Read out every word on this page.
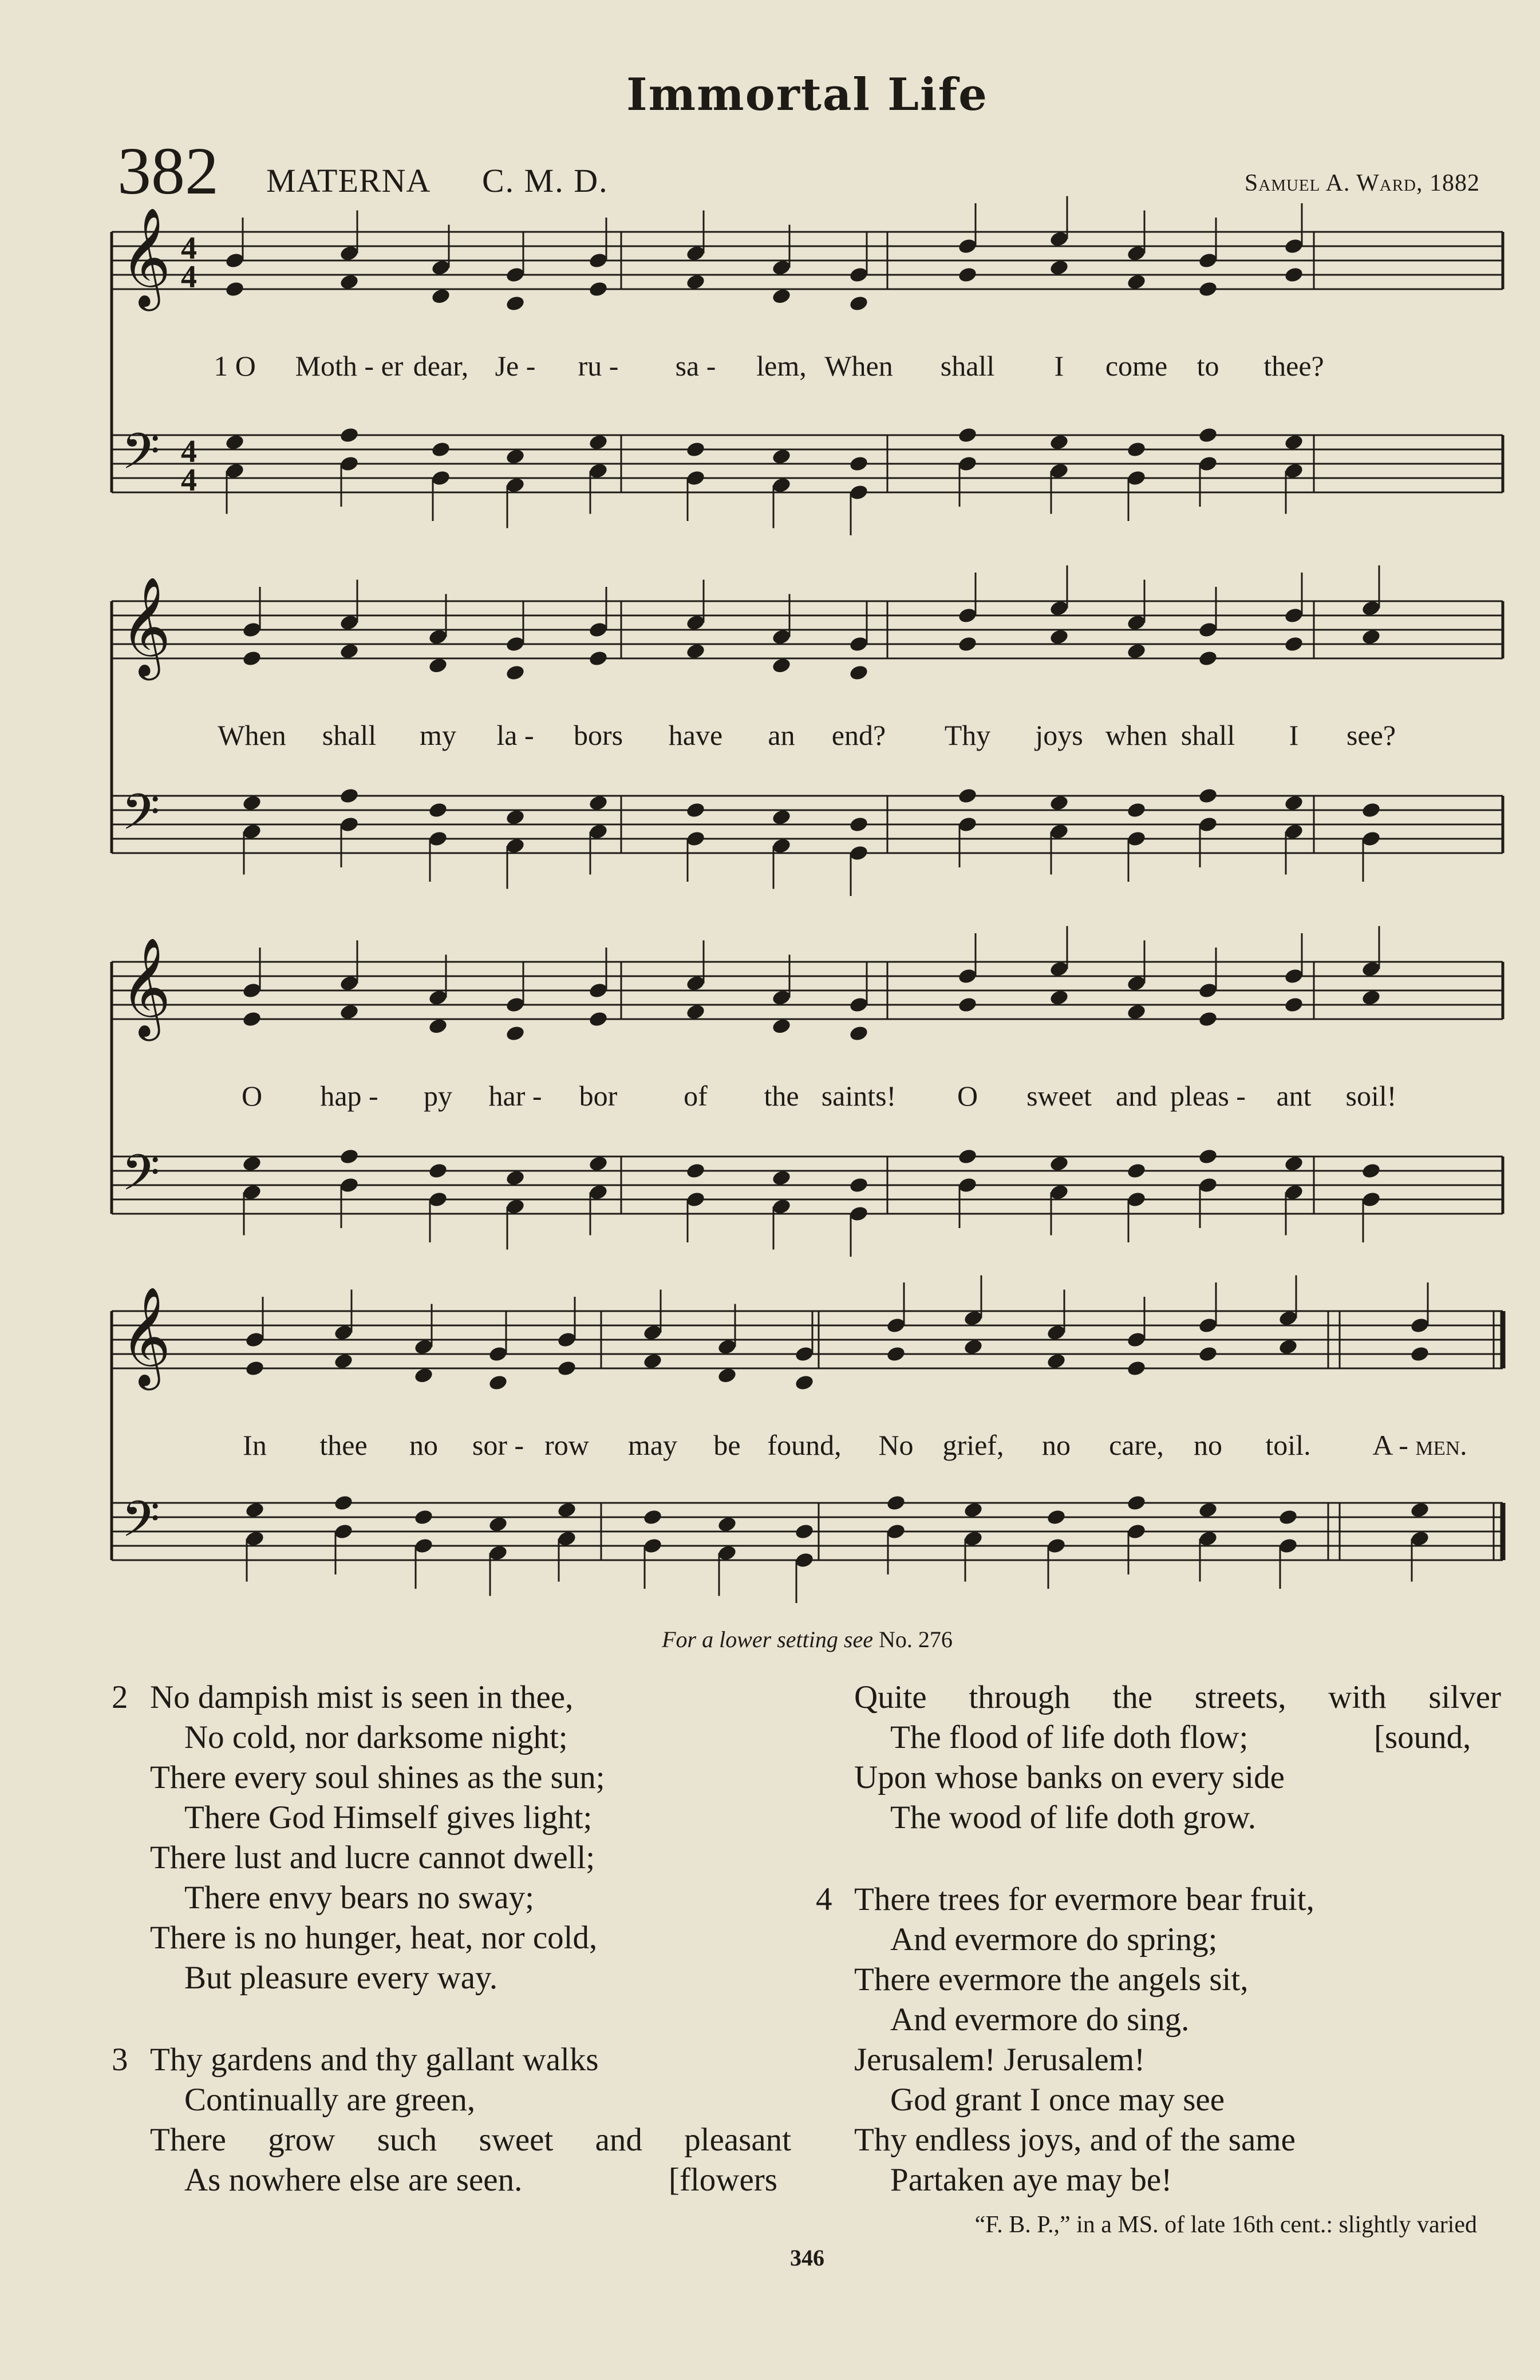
Immortal Life
382 MATERNA C. M. D.	Samuel A. Ward, 1882
𝄞
𝄢
4
4
4
4
𝄞
𝄢
𝄞
𝄢
𝄞
𝄢
1 O Moth - er dear, Je - ru - sa - lem, When shall I come to thee?
When shall my la - bors have an end? Thy joys when shall I see?
O hap - py har - bor of the saints! O sweet and pleas - ant soil!
In thee no sor - row may be found, No grief, no care, no toil. A - men.
For a lower setting see No. 276
2 No dampish mist is seen in thee,
No cold, nor darksome night;
There every soul shines as the sun;
There God Himself gives light;
There lust and lucre cannot dwell;
There envy bears no sway;
There is no hunger, heat, nor cold,
But pleasure every way.
3 Thy gardens and thy gallant walks
Continually are green,
There grow such sweet and pleasant
As nowhere else are seen.	[flowers
Quite through the streets, with silver
The flood of life doth flow;	[sound,
Upon whose banks on every side
The wood of life doth grow.
4 There trees for evermore bear fruit,
And evermore do spring;
There evermore the angels sit,
And evermore do sing.
Jerusalem! Jerusalem!
God grant I once may see
Thy endless joys, and of the same
Partaken aye may be!
“F. B. P.,” in a MS. of late 16th cent.: slightly varied
346
